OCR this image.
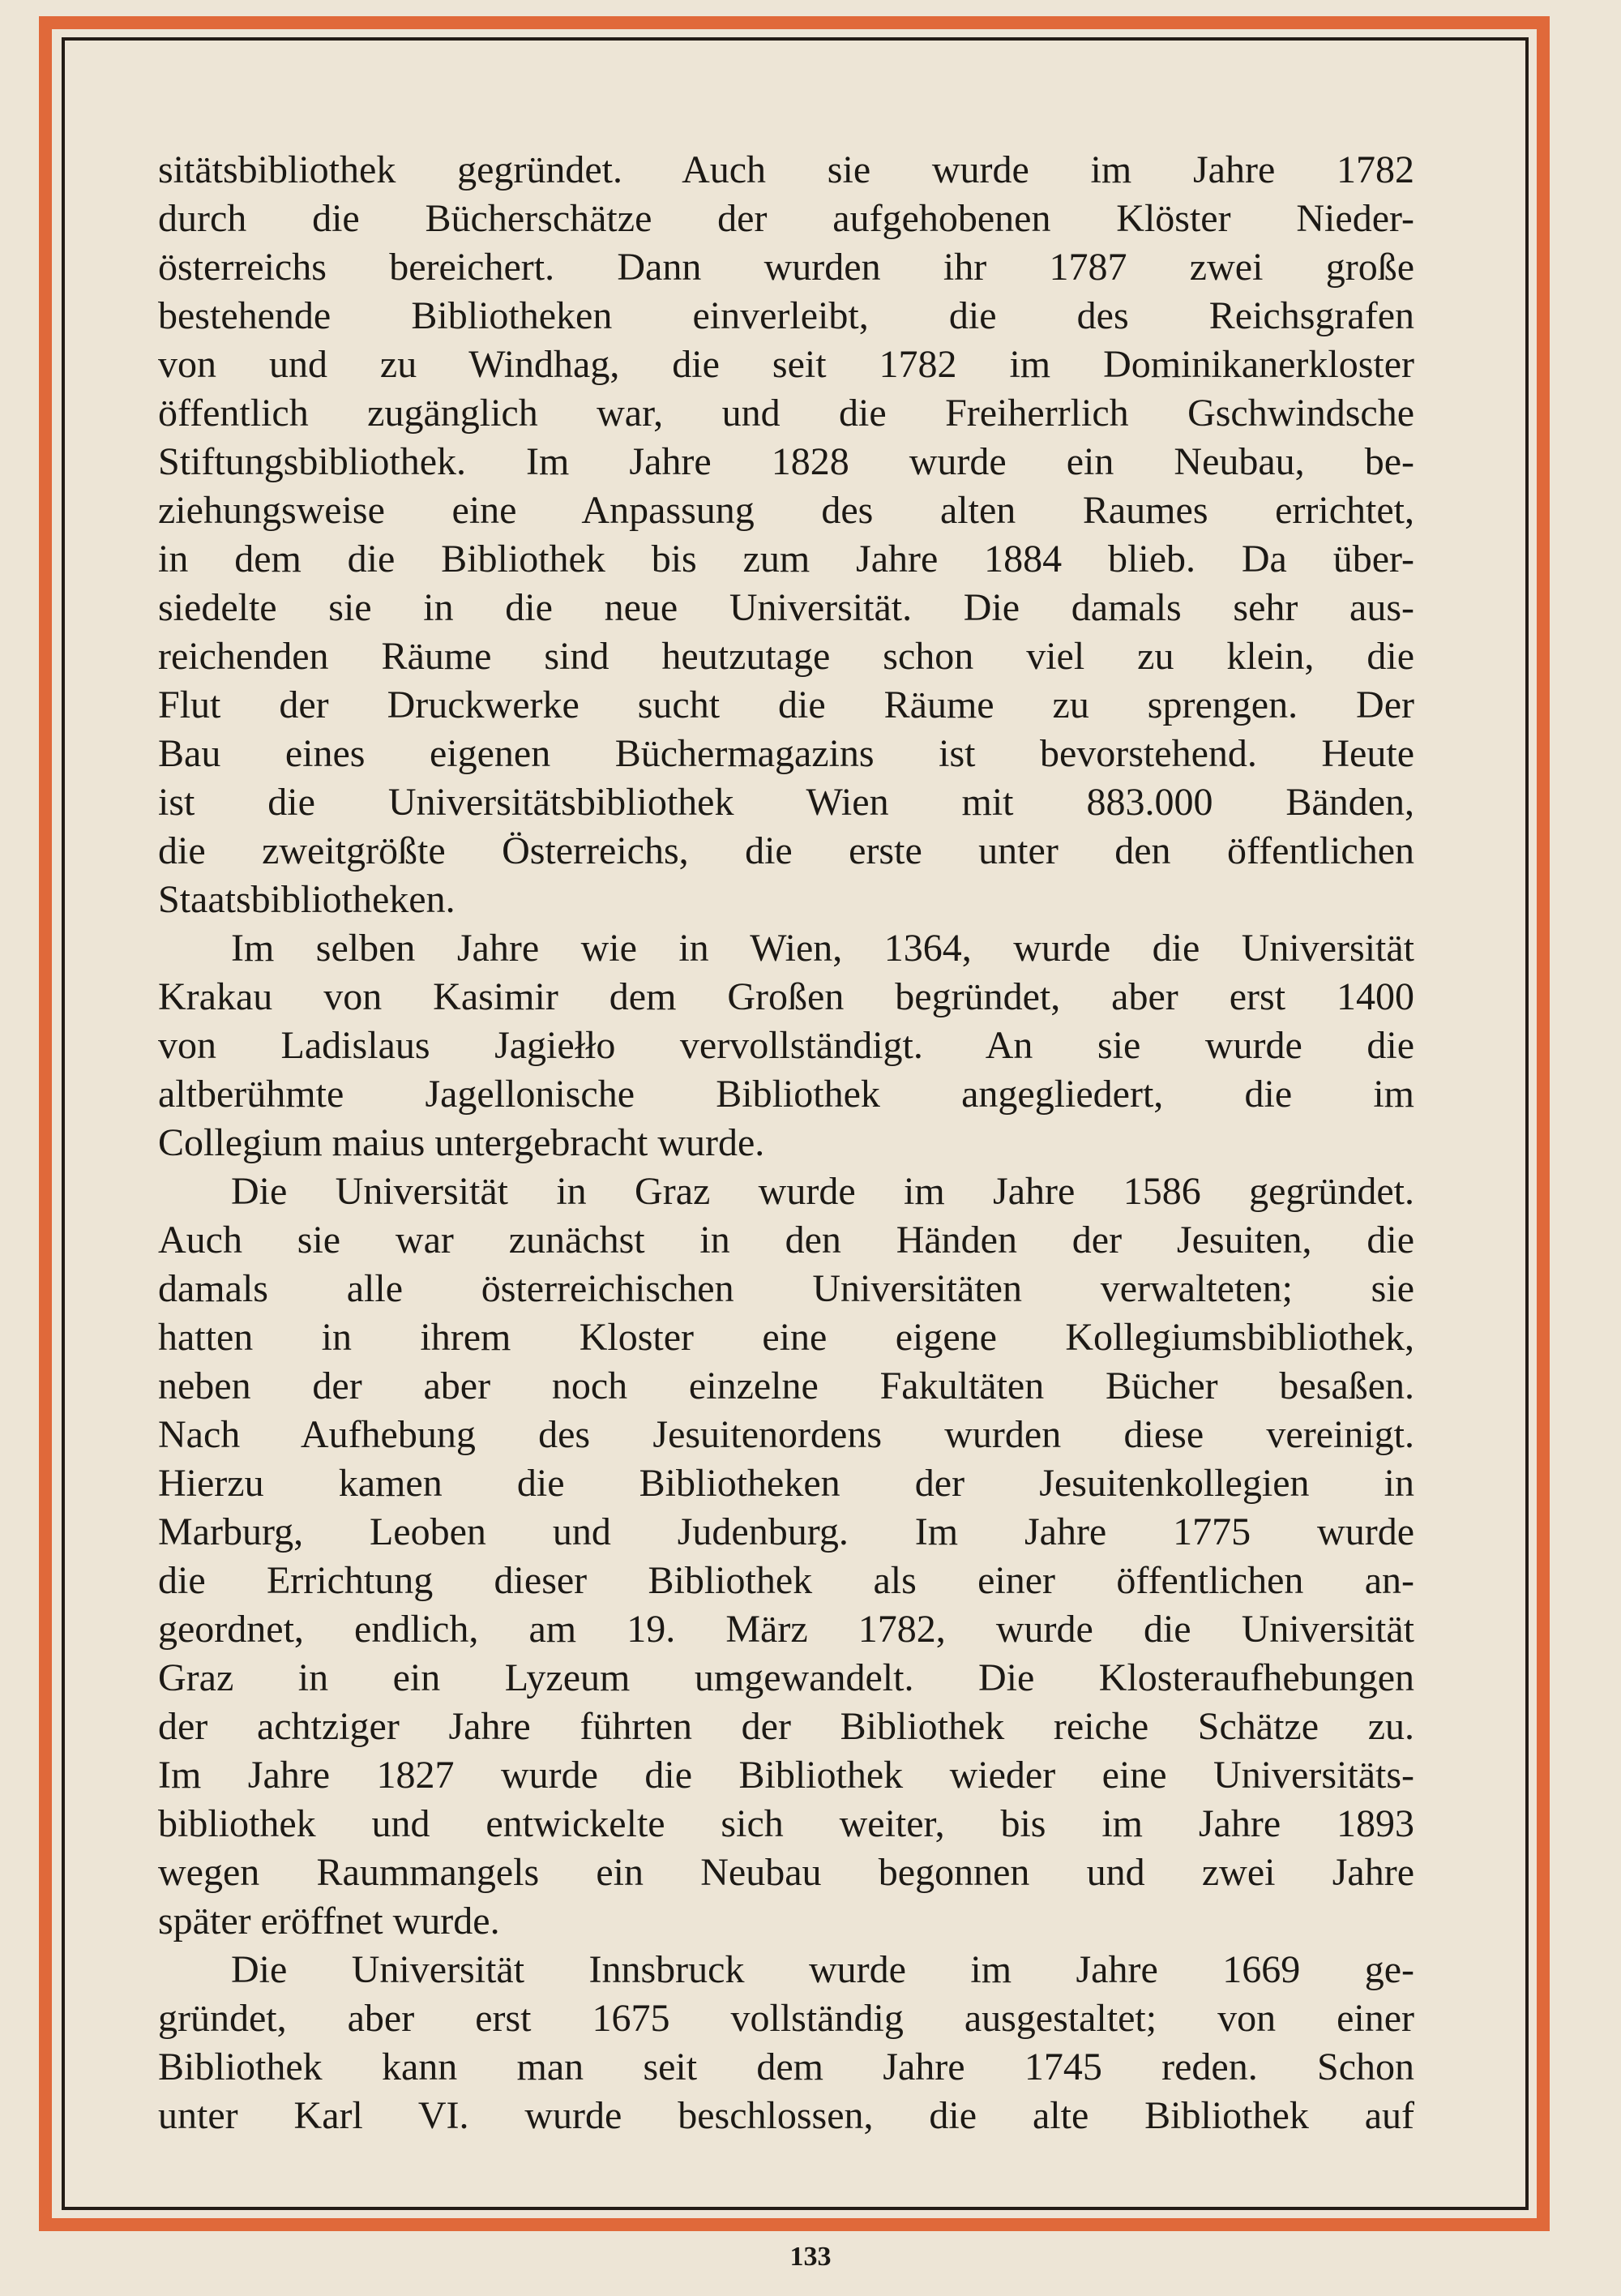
sitätsbibliothek gegründet. Auch sie wurde im Jahre 1782
durch die Bücherschätze der aufgehobenen Klöster Nieder-
österreichs bereichert. Dann wurden ihr 1787 zwei große
bestehende Bibliotheken einverleibt, die des Reichsgrafen
von und zu Windhag, die seit 1782 im Dominikanerkloster
öffentlich zugänglich war, und die Freiherrlich Gschwindsche
Stiftungsbibliothek. Im Jahre 1828 wurde ein Neubau, be-
ziehungsweise eine Anpassung des alten Raumes errichtet,
in dem die Bibliothek bis zum Jahre 1884 blieb. Da über-
siedelte sie in die neue Universität. Die damals sehr aus-
reichenden Räume sind heutzutage schon viel zu klein, die
Flut der Druckwerke sucht die Räume zu sprengen. Der
Bau eines eigenen Büchermagazins ist bevorstehend. Heute
ist die Universitätsbibliothek Wien mit 883.000 Bänden,
die zweitgrößte Österreichs, die erste unter den öffentlichen
Staatsbibliotheken.
Im selben Jahre wie in Wien, 1364, wurde die Universität
Krakau von Kasimir dem Großen begründet, aber erst 1400
von Ladislaus Jagiełło vervollständigt. An sie wurde die
altberühmte Jagellonische Bibliothek angegliedert, die im
Collegium maius untergebracht wurde.
Die Universität in Graz wurde im Jahre 1586 gegründet.
Auch sie war zunächst in den Händen der Jesuiten, die
damals alle österreichischen Universitäten verwalteten; sie
hatten in ihrem Kloster eine eigene Kollegiumsbibliothek,
neben der aber noch einzelne Fakultäten Bücher besaßen.
Nach Aufhebung des Jesuitenordens wurden diese vereinigt.
Hierzu kamen die Bibliotheken der Jesuitenkollegien in
Marburg, Leoben und Judenburg. Im Jahre 1775 wurde
die Errichtung dieser Bibliothek als einer öffentlichen an-
geordnet, endlich, am 19. März 1782, wurde die Universität
Graz in ein Lyzeum umgewandelt. Die Klosteraufhebungen
der achtziger Jahre führten der Bibliothek reiche Schätze zu.
Im Jahre 1827 wurde die Bibliothek wieder eine Universitäts-
bibliothek und entwickelte sich weiter, bis im Jahre 1893
wegen Raummangels ein Neubau begonnen und zwei Jahre
später eröffnet wurde.
Die Universität Innsbruck wurde im Jahre 1669 ge-
gründet, aber erst 1675 vollständig ausgestaltet; von einer
Bibliothek kann man seit dem Jahre 1745 reden. Schon
unter Karl VI. wurde beschlossen, die alte Bibliothek auf
133
